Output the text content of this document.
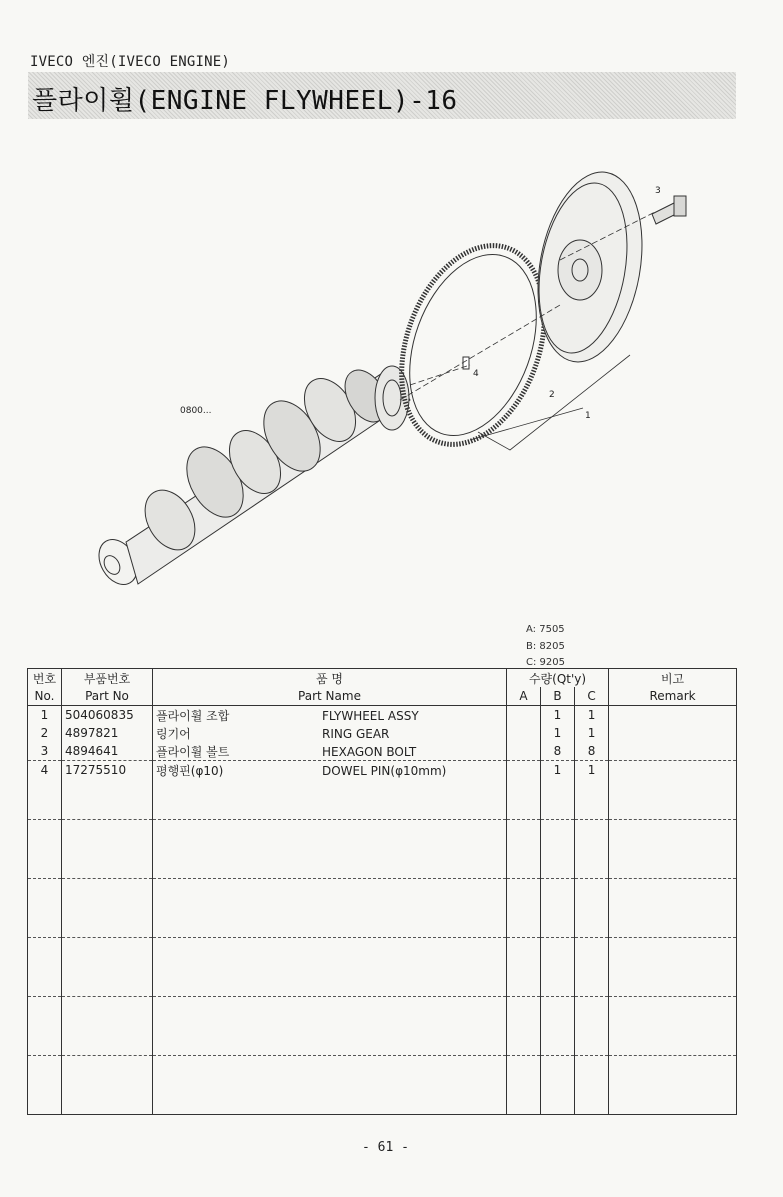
IVECO 엔진(IVECO ENGINE)
플라이휠(ENGINE FLYWHEEL)-16
3
4
2
1
0800...
A: 7505
B: 8205
C: 9205
번호	부품번호	품 명	수량(Qt'y)			비고
No.	Part No	Part Name	A	B	C	Remark
1	504060835	플라이휠 조합 FLYWHEEL ASSY		1	1	
2	4897821	링기어 RING GEAR		1	1	
3	4894641	플라이휠 볼트 HEXAGON BOLT		8	8	
4	17275510	평행핀(φ10) DOWEL PIN(φ10mm)		1	1	

- 61 -
